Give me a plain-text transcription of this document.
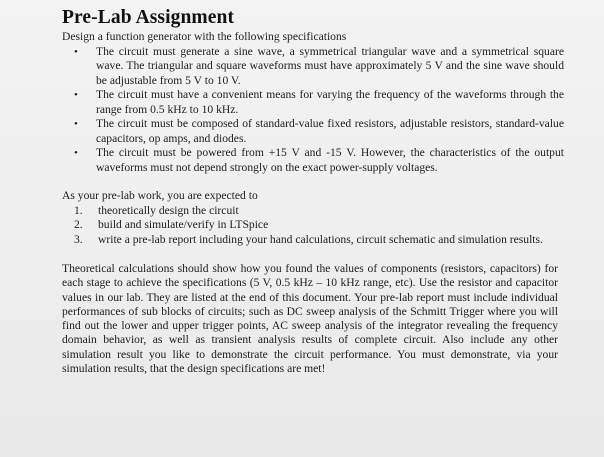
Pre-Lab Assignment

Design a function generator with the following specifications

• The circuit must generate a sine wave, a symmetrical triangular wave and a symmetrical square wave. The triangular and square waveforms must have approximately 5 V and the sine wave should be adjustable from 5 V to 10 V.
• The circuit must have a convenient means for varying the frequency of the waveforms through the range from 0.5 kHz to 10 kHz.
• The circuit must be composed of standard-value fixed resistors, adjustable resistors, standard-value capacitors, op amps, and diodes.
• The circuit must be powered from +15 V and -15 V. However, the characteristics of the output waveforms must not depend strongly on the exact power-supply voltages.

As your pre-lab work, you are expected to

1. theoretically design the circuit
2. build and simulate/verify in LTSpice
3. write a pre-lab report including your hand calculations, circuit schematic and simulation results.

Theoretical calculations should show how you found the values of components (resistors, capacitors) for each stage to achieve the specifications (5 V, 0.5 kHz – 10 kHz range, etc). Use the resistor and capacitor values in our lab. They are listed at the end of this document. Your pre-lab report must include individual performances of sub blocks of circuits; such as DC sweep analysis of the Schmitt Trigger where you will find out the lower and upper trigger points, AC sweep analysis of the integrator revealing the frequency domain behavior, as well as transient analysis results of complete circuit. Also include any other simulation result you like to demonstrate the circuit performance. You must demonstrate, via your simulation results, that the design specifications are met!
